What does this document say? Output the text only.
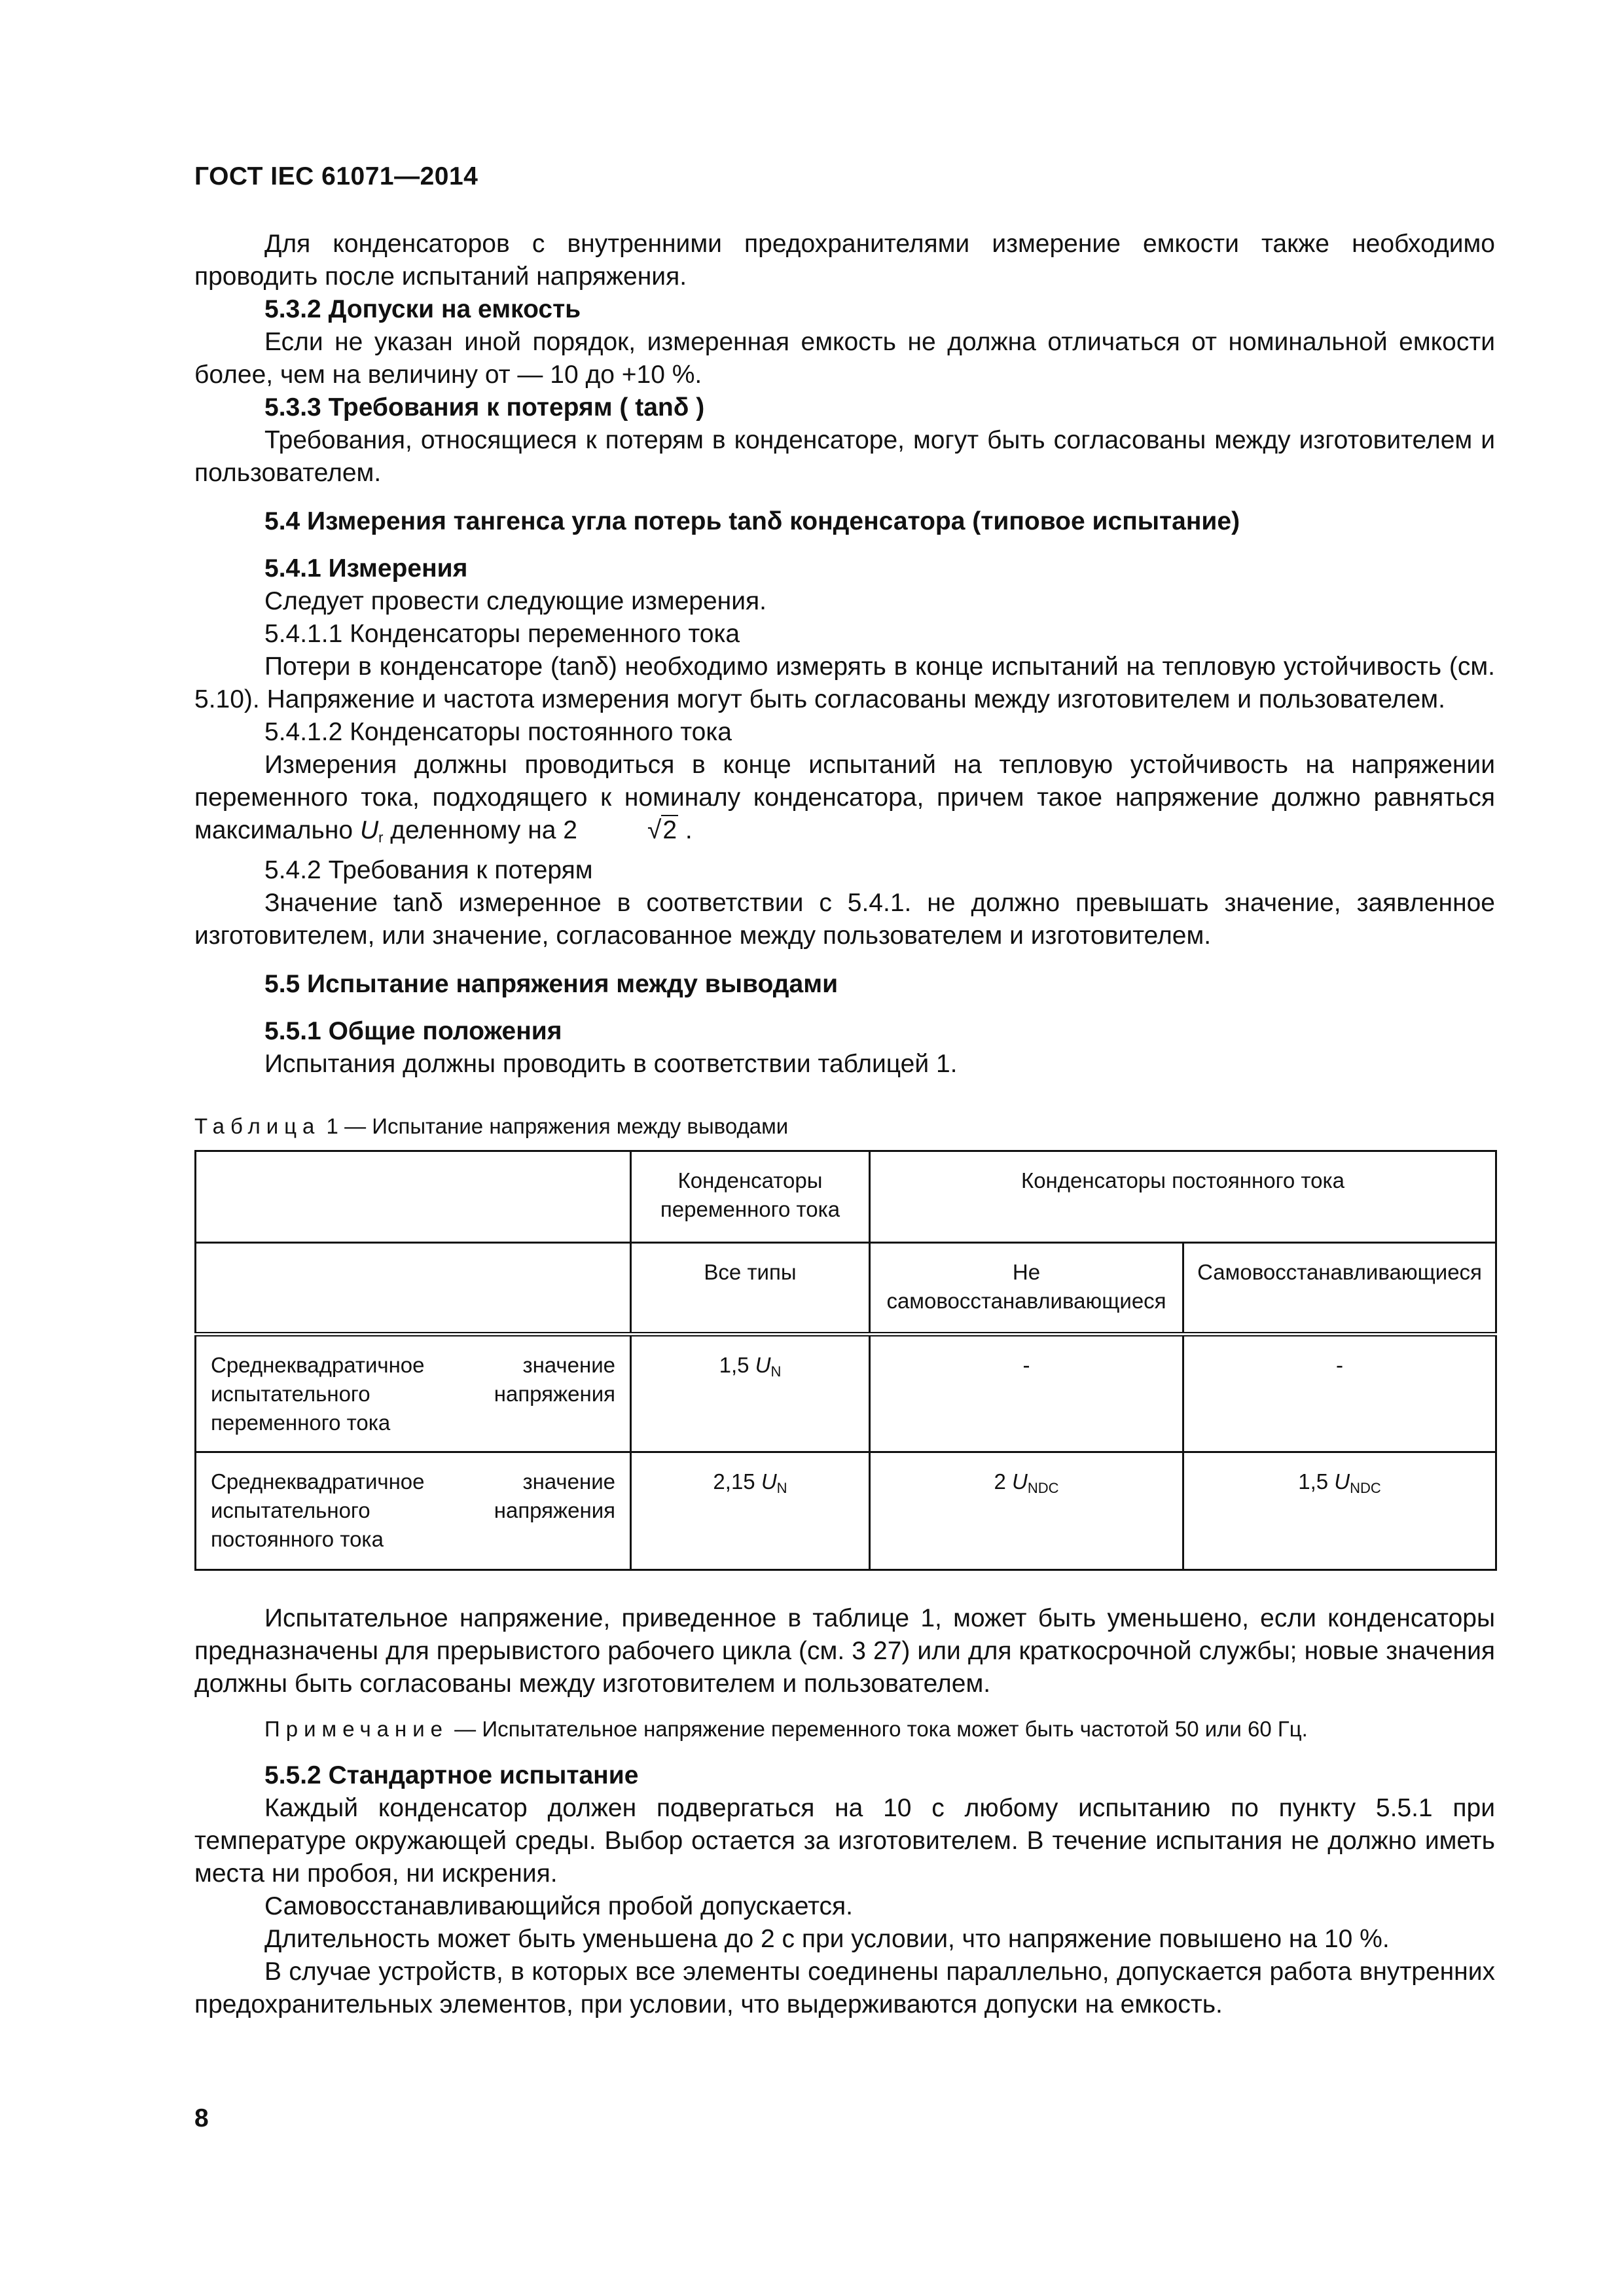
ГОСТ IEC 61071—2014

Для конденсаторов с внутренними предохранителями измерение емкости также необходимо проводить после испытаний напряжения.

5.3.2 Допуски на емкость

Если не указан иной порядок, измеренная емкость не должна отличаться от номинальной емкости более, чем на величину от — 10 до +10 %.

5.3.3 Требования к потерям ( tanδ )

Требования, относящиеся к потерям в конденсаторе, могут быть согласованы между изготовителем и пользователем.

5.4 Измерения тангенса угла потерь tanδ конденсатора (типовое испытание)
5.4.1 Измерения

Следует провести следующие измерения.

5.4.1.1 Конденсаторы переменного тока

Потери в конденсаторе (tanδ) необходимо измерять в конце испытаний на тепловую устойчивость (см. 5.10). Напряжение и частота измерения могут быть согласованы между изготовителем и пользователем.

5.4.1.2 Конденсаторы постоянного тока

Измерения должны проводиться в конце испытаний на тепловую устойчивость на напряжении переменного тока, подходящего к номиналу конденсатора, причем такое напряжение должно равняться максимально $U_r$ деленному на 2	√2 .

5.4.2 Требования к потерям

Значение tanδ измеренное в соответствии с 5.4.1. не должно превышать значение, заявленное изготовителем, или значение, согласованное между пользователем и изготовителем.

5.5 Испытание напряжения между выводами
5.5.1 Общие положения

Испытания должны проводить в соответствии таблицей 1.

Таблица 1 — Испытание напряжения между выводами
	Конденсаторы переменного тока	Конденсаторы постоянного тока	
	Все типы	Не самовосстанавливающиеся	Самовосстанавливающиеся

Среднеквадратичное значение испытательного напряжения
переменного тока	1,5 $U_N$	-	-

Среднеквадратичное значение испытательного напряжения
постоянного тока	2,15 $U_N$	2 $U_{NDC}$	1,5 $U_{NDC}$

Испытательное напряжение, приведенное в таблице 1, может быть уменьшено, если конденсаторы предназначены для прерывистого рабочего цикла (см. 3 27) или для краткосрочной службы; новые значения должны быть согласованы между изготовителем и пользователем.

Примечание — Испытательное напряжение переменного тока может быть частотой 50 или 60 Гц.
5.5.2 Стандартное испытание

Каждый конденсатор должен подвергаться на 10 с любому испытанию по пункту 5.5.1 при температуре окружающей среды. Выбор остается за изготовителем. В течение испытания не должно иметь места ни пробоя, ни искрения.

Самовосстанавливающийся пробой допускается.

Длительность может быть уменьшена до 2 с при условии, что напряжение повышено на 10 %.

В случае устройств, в которых все элементы соединены параллельно, допускается работа внутренних предохранительных элементов, при условии, что выдерживаются допуски на емкость.

8
